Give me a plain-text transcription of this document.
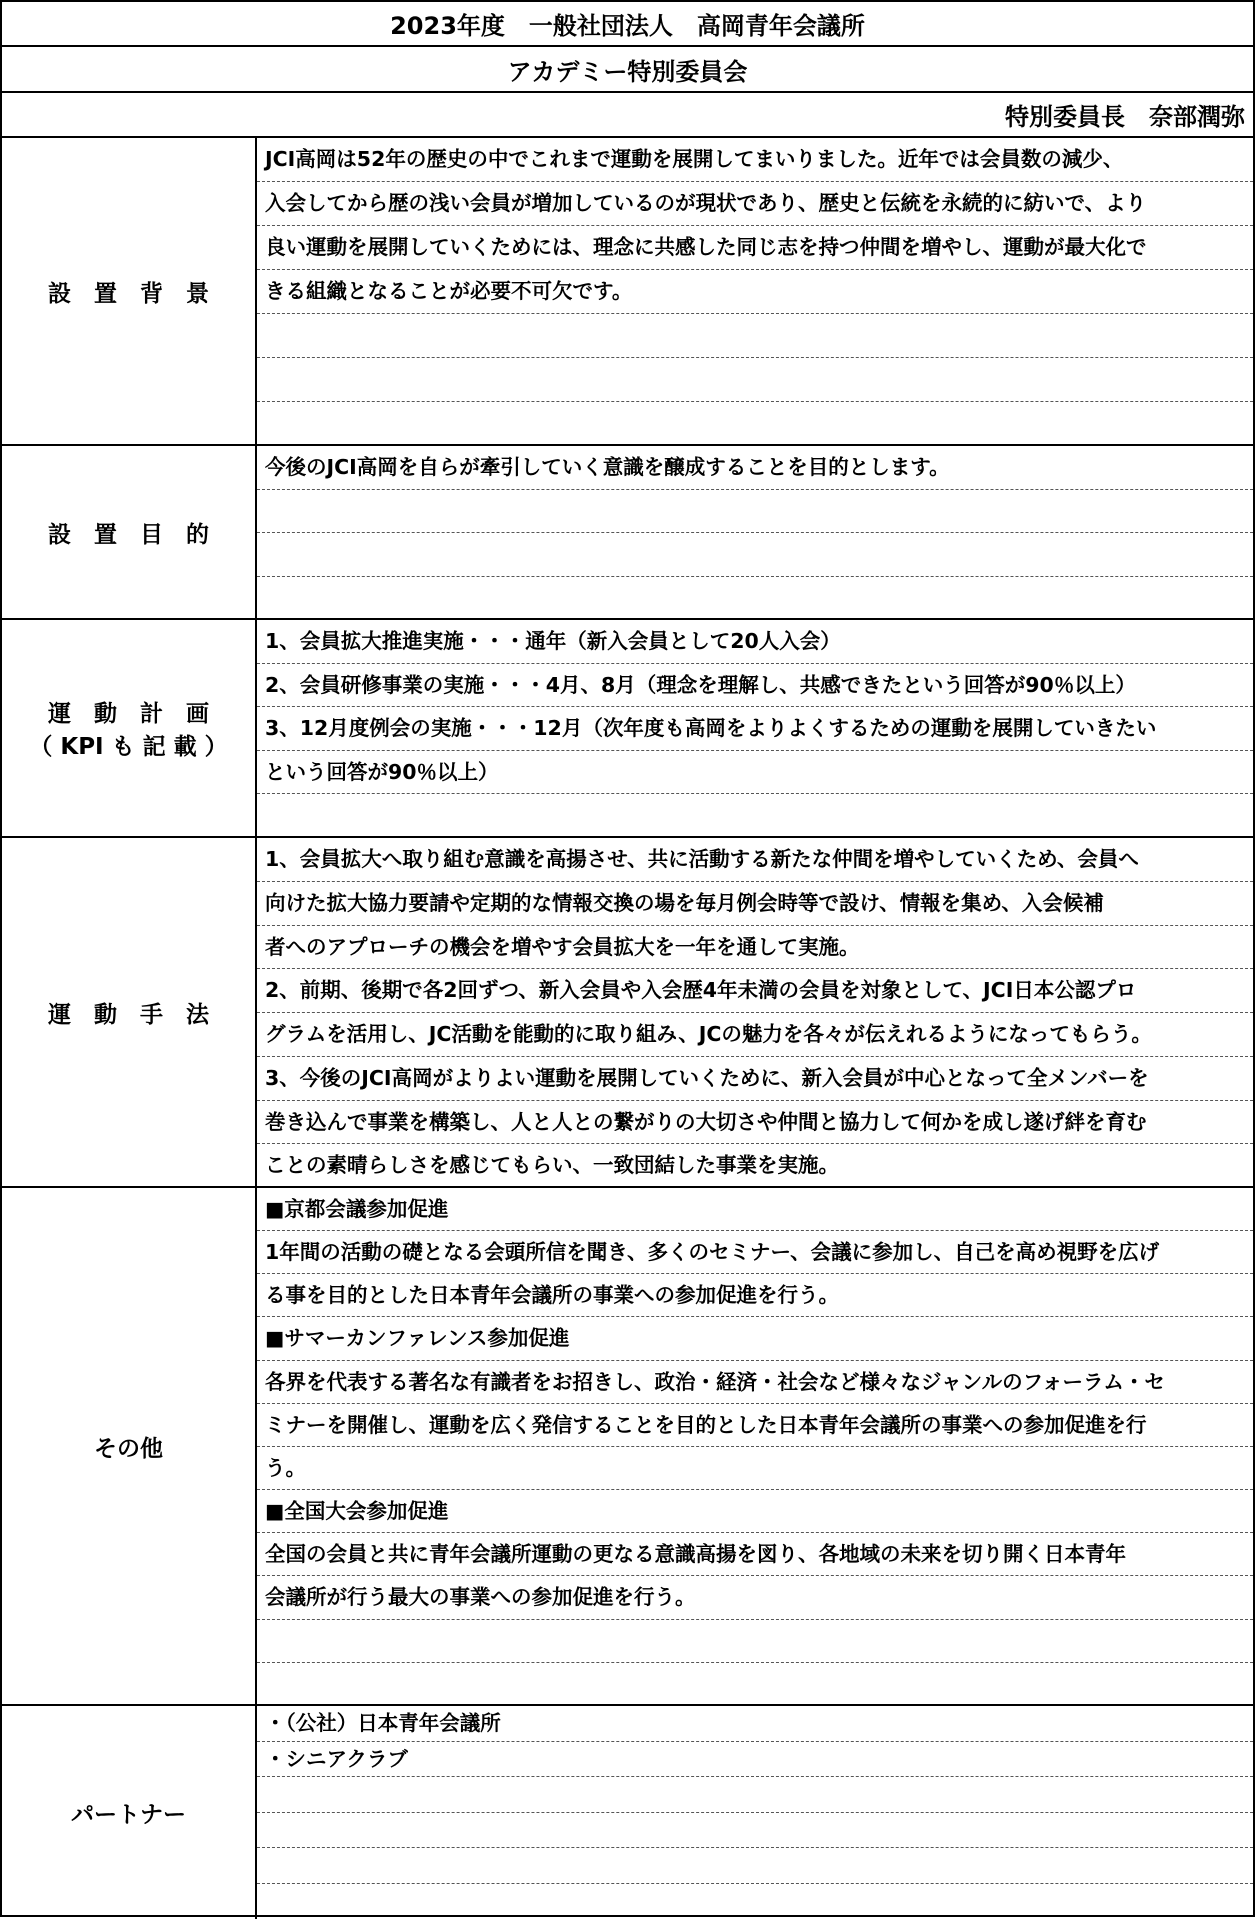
2023年度　一般社団法人　高岡青年会議所
アカデミー特別委員会
特別委員長　奈部潤弥
設　置　背　景
JCI高岡は52年の歴史の中でこれまで運動を展開してまいりました。近年では会員数の減少、
入会してから歴の浅い会員が増加しているのが現状であり、歴史と伝統を永続的に紡いで、より
良い運動を展開していくためには、理念に共感した同じ志を持つ仲間を増やし、運動が最大化で
きる組織となることが必要不可欠です。
設　置　目　的
今後のJCI高岡を自らが牽引していく意識を醸成することを目的とします。
運　動　計　画
（ KPI も 記 載 ）
1、会員拡大推進実施・・・通年（新入会員として20人入会）
2、会員研修事業の実施・・・4月、8月（理念を理解し、共感できたという回答が90％以上）
3、12月度例会の実施・・・12月（次年度も高岡をよりよくするための運動を展開していきたい
という回答が90％以上）
運　動　手　法
1、会員拡大へ取り組む意識を高揚させ、共に活動する新たな仲間を増やしていくため、会員へ
向けた拡大協力要請や定期的な情報交換の場を毎月例会時等で設け、情報を集め、入会候補
者へのアプローチの機会を増やす会員拡大を一年を通して実施。
2、前期、後期で各2回ずつ、新入会員や入会歴4年未満の会員を対象として、JCI日本公認プロ
グラムを活用し、JC活動を能動的に取り組み、JCの魅力を各々が伝えれるようになってもらう。
3、今後のJCI高岡がよりよい運動を展開していくために、新入会員が中心となって全メンバーを
巻き込んで事業を構築し、人と人との繋がりの大切さや仲間と協力して何かを成し遂げ絆を育む
ことの素晴らしさを感じてもらい、一致団結した事業を実施。
その他
■京都会議参加促進
1年間の活動の礎となる会頭所信を聞き、多くのセミナー、会議に参加し、自己を高め視野を広げ
る事を目的とした日本青年会議所の事業への参加促進を行う。
■サマーカンファレンス参加促進
各界を代表する著名な有識者をお招きし、政治・経済・社会など様々なジャンルのフォーラム・セ
ミナーを開催し、運動を広く発信することを目的とした日本青年会議所の事業への参加促進を行
う。
■全国大会参加促進
全国の会員と共に青年会議所運動の更なる意識高揚を図り、各地域の未来を切り開く日本青年
会議所が行う最大の事業への参加促進を行う。
パートナー
・（公社）日本青年会議所
・シニアクラブ
